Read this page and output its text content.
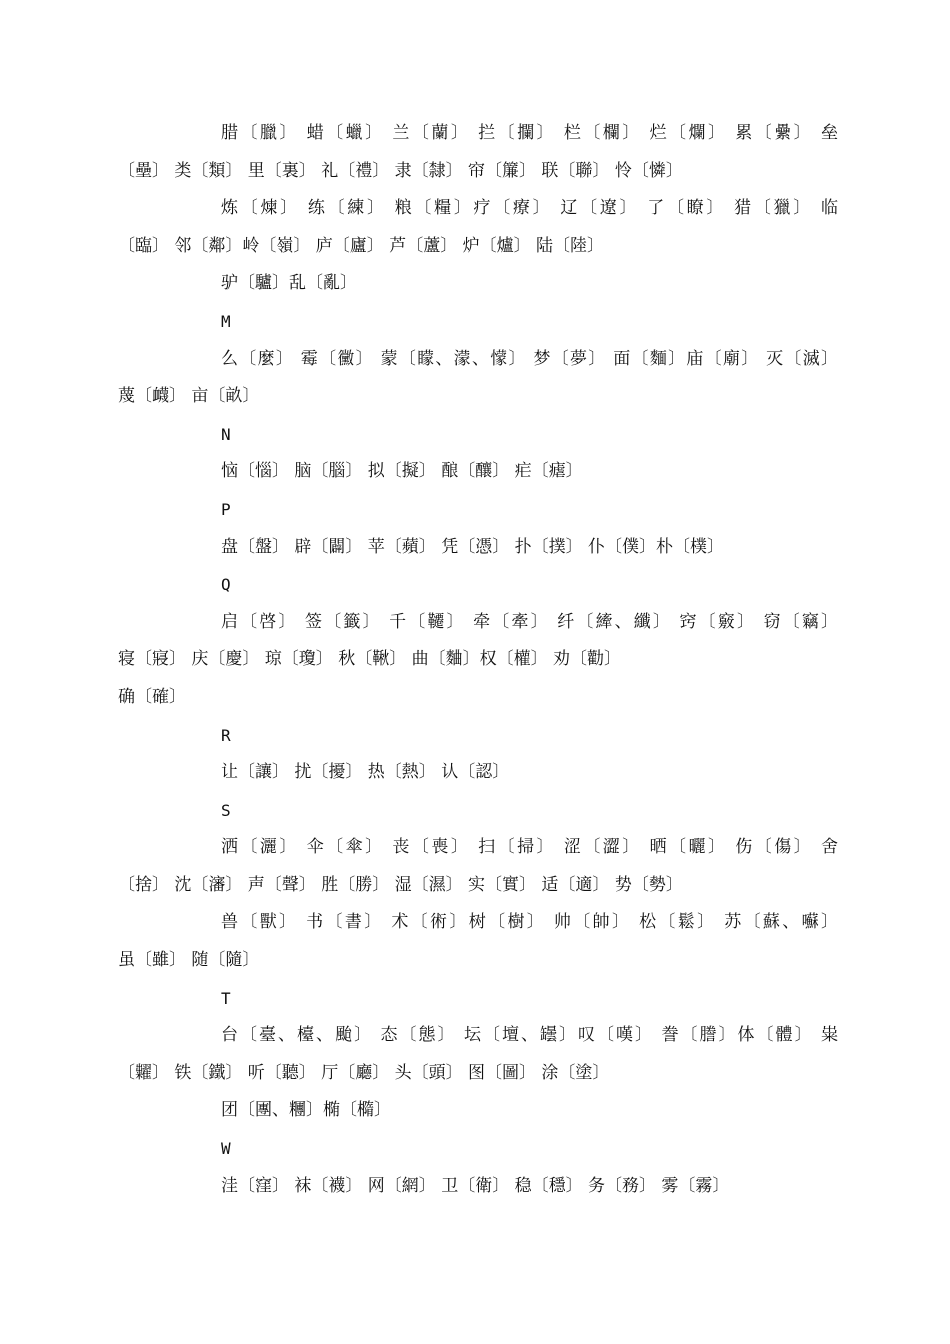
腊〔臘〕 蜡〔蠟〕 兰〔蘭〕 拦〔攔〕 栏〔欄〕 烂〔爛〕 累〔纍〕 垒
〔壘〕 类〔類〕 里〔裏〕 礼〔禮〕 隶〔隸〕 帘〔簾〕 联〔聯〕 怜〔憐〕
炼〔煉〕 练〔練〕 粮〔糧〕疗〔療〕 辽〔遼〕 了〔瞭〕 猎〔獵〕 临
〔臨〕 邻〔鄰〕岭〔嶺〕 庐〔廬〕 芦〔蘆〕 炉〔爐〕 陆〔陸〕
驴〔驢〕乱〔亂〕
M
么〔麼〕 霉〔黴〕 蒙〔矇、濛、懞〕 梦〔夢〕 面〔麵〕庙〔廟〕 灭〔滅〕
蔑〔衊〕 亩〔畝〕
N
恼〔惱〕 脑〔腦〕 拟〔擬〕 酿〔釀〕 疟〔瘧〕
P
盘〔盤〕 辟〔闢〕 苹〔蘋〕 凭〔憑〕 扑〔撲〕 仆〔僕〕朴〔樸〕
Q
启〔啓〕 签〔籤〕 千〔韆〕 牵〔牽〕 纤〔縴、纖〕 窍〔竅〕 窃〔竊〕
寝〔寢〕 庆〔慶〕 琼〔瓊〕 秋〔鞦〕 曲〔麯〕权〔權〕 劝〔勸〕
确〔確〕
R
让〔讓〕 扰〔擾〕 热〔熱〕 认〔認〕
S
洒〔灑〕 伞〔傘〕 丧〔喪〕 扫〔掃〕 涩〔澀〕 晒〔曬〕 伤〔傷〕 舍
〔捨〕 沈〔瀋〕 声〔聲〕 胜〔勝〕 湿〔濕〕 实〔實〕 适〔適〕 势〔勢〕
兽〔獸〕 书〔書〕 术〔術〕树〔樹〕 帅〔帥〕 松〔鬆〕 苏〔蘇、囌〕
虽〔雖〕 随〔隨〕
T
台〔臺、檯、颱〕 态〔態〕 坛〔壇、罎〕叹〔嘆〕 誊〔謄〕体〔體〕 粜
〔糶〕 铁〔鐵〕 听〔聽〕 厅〔廳〕 头〔頭〕 图〔圖〕 涂〔塗〕
团〔團、糰〕椭〔橢〕
W
洼〔窪〕 袜〔襪〕 网〔網〕 卫〔衛〕 稳〔穩〕 务〔務〕 雾〔霧〕
